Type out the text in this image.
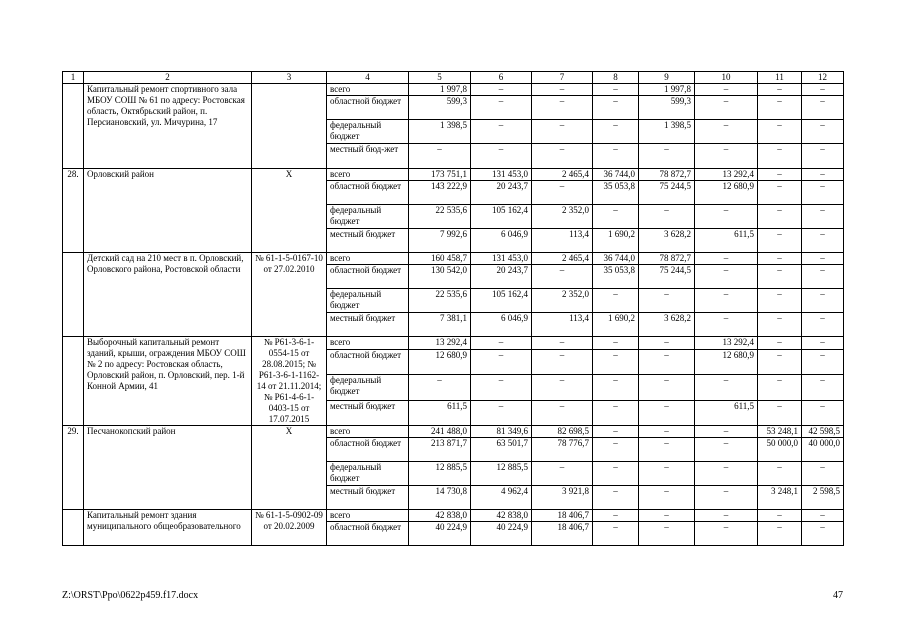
1	2	3	4	5	6	7	8	9	10	11	12
	Капитальный ремонт спортивного зала МБОУ СОШ № 61 по адресу: Ростовская область, Октябрьский район, п. Персиановский, ул. Мичурина, 17		всего	1 997,8	–	–	–	1 997,8	–	–	–
			областной бюджет	599,3	–	–	–	599,3	–	–	–
			федеральный бюджет	1 398,5	–	–	–	1 398,5	–	–	–
			местный бюд-жет	–	–	–	–	–	–	–	–
28.	Орловский район	X	всего	173 751,1	131 453,0	2 465,4	36 744,0	78 872,7	13 292,4	–	–
			областной бюджет	143 222,9	20 243,7	–	35 053,8	75 244,5	12 680,9	–	–
			федеральный бюджет	22 535,6	105 162,4	2 352,0	–	–	–	–	–
			местный бюджет	7 992,6	6 046,9	113,4	1 690,2	3 628,2	611,5	–	–
	Детский сад на 210 мест в п. Орловский, Орловского района, Ростовской области	№ 61-1-5-0167-10 от 27.02.2010	всего	160 458,7	131 453,0	2 465,4	36 744,0	78 872,7	–	–	–
			областной бюджет	130 542,0	20 243,7	–	35 053,8	75 244,5	–	–	–
			федеральный бюджет	22 535,6	105 162,4	2 352,0	–	–	–	–	–
			местный бюджет	7 381,1	6 046,9	113,4	1 690,2	3 628,2	–	–	–
	Выборочный капитальный ремонт зданий, крыши, ограждения МБОУ СОШ № 2 по адресу: Ростовская область, Орловский район, п. Орловский, пер. 1-й Конной Армии, 41	№ Р61-3-6-1-0554-15 от 28.08.2015; № Р61-3-6-1-1162-14 от 21.11.2014; № Р61-4-6-1-0403-15 от 17.07.2015	всего	13 292,4	–	–	–	–	13 292,4	–	–
			областной бюджет	12 680,9	–	–	–	–	12 680,9	–	–
			федеральный бюджет	–	–	–	–	–	–	–	–
			местный бюджет	611,5	–	–	–	–	611,5	–	–
29.	Песчанокопский район	X	всего	241 488,0	81 349,6	82 698,5	–	–	–	53 248,1	42 598,5
			областной бюджет	213 871,7	63 501,7	78 776,7	–	–	–	50 000,0	40 000,0
			федеральный бюджет	12 885,5	12 885,5	–	–	–	–	–	–
			местный бюджет	14 730,8	4 962,4	3 921,8	–	–	–	3 248,1	2 598,5
	Капитальный ремонт здания муниципального общеобразовательного	№ 61-1-5-0902-09 от 20.02.2009	всего	42 838,0	42 838,0	18 406,7	–	–	–	–	–
			областной бюджет	40 224,9	40 224,9	18 406,7	–	–	–	–	–
Z:\ORST\Ppo\0622p459.f17.docx	47
